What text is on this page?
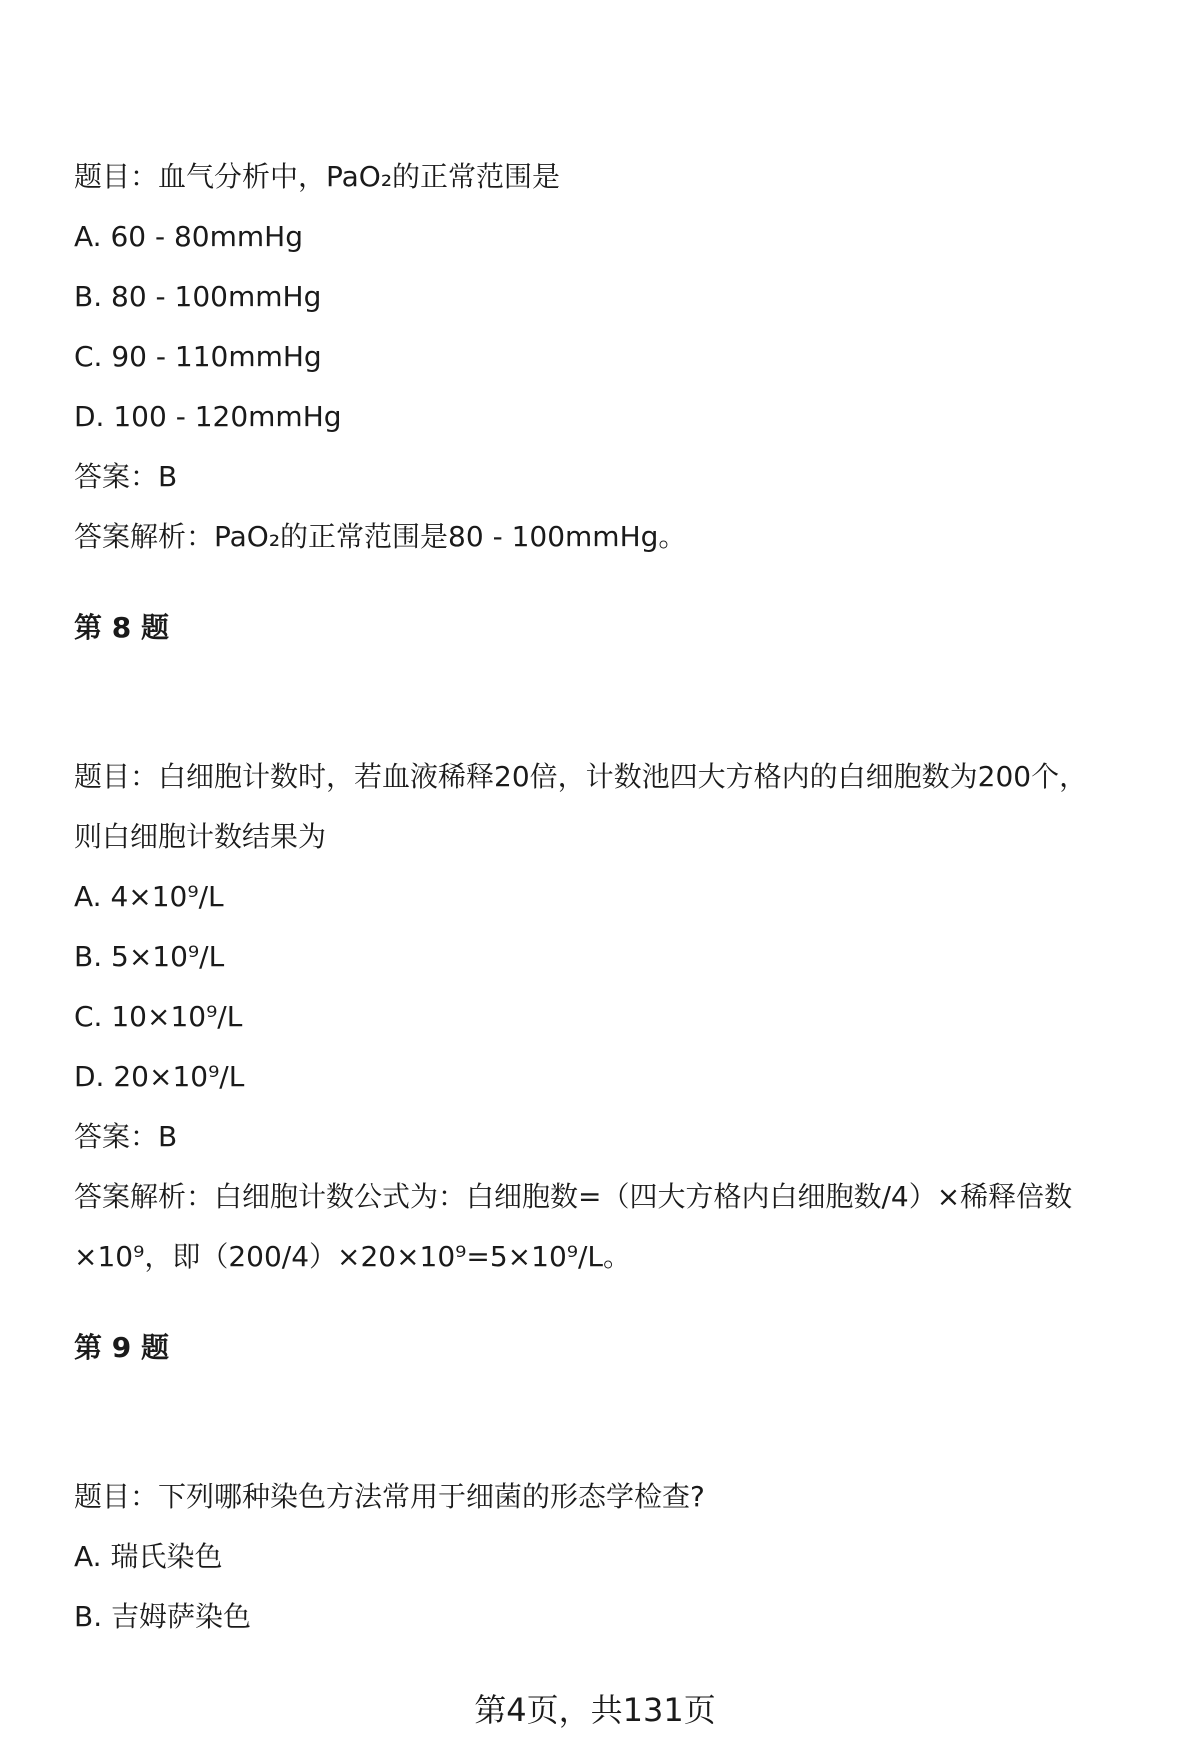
题目：血气分析中，PaO₂的正常范围是
A. 60 - 80mmHg
B. 80 - 100mmHg
C. 90 - 110mmHg
D. 100 - 120mmHg
答案：B
答案解析：PaO₂的正常范围是80 - 100mmHg。
第 8 题
题目：白细胞计数时，若血液稀释20倍，计数池四大方格内的白细胞数为200个，
则白细胞计数结果为
A. 4×10⁹/L
B. 5×10⁹/L
C. 10×10⁹/L
D. 20×10⁹/L
答案：B
答案解析：白细胞计数公式为：白细胞数=（四大方格内白细胞数/4）×稀释倍数
×10⁹，即（200/4）×20×10⁹=5×10⁹/L。
第 9 题
题目：下列哪种染色方法常用于细菌的形态学检查?
A. 瑞氏染色
B. 吉姆萨染色
第4页，共131页
